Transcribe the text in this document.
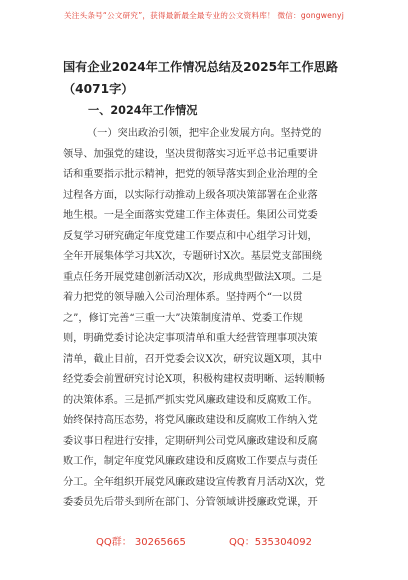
关注头条号“公文研究”，获得最新最全最专业的公文资料库！ 微信：gongwenyj
国有企业2024年工作情况总结及2025年工作思路（4071字）
一、2024年工作情况
（一）突出政治引领，把牢企业发展方向。坚持党的
领导、加强党的建设，坚决贯彻落实习近平总书记重要讲
话和重要指示批示精神，把党的领导落实到企业治理的全
过程各方面，以实际行动推动上级各项决策部署在企业落
地生根。一是全面落实党建工作主体责任。集团公司党委
反复学习研究确定年度党建工作要点和中心组学习计划，
全年开展集体学习共X次，专题研讨X次。基层党支部围绕
重点任务开展党建创新活动X次，形成典型做法X项。二是
着力把党的领导融入公司治理体系。坚持两个“一以贯
之”，修订完善“三重一大”决策制度清单、党委工作规
则，明确党委讨论决定事项清单和重大经营管理事项决策
清单，截止目前，召开党委会议X次，研究议题X项，其中
经党委会前置研究讨论X项，积极构建权责明晰、运转顺畅
的决策体系。三是抓严抓实党风廉政建设和反腐败工作。
始终保持高压态势，将党风廉政建设和反腐败工作纳入党
委议事日程进行安排，定期研判公司党风廉政建设和反腐
败工作，制定年度党风廉政建设和反腐败工作要点与责任
分工。全年组织开展党风廉政建设宣传教育月活动X次，党
委委员先后带头到所在部门、分管领域讲授廉政党课，开
QQ群： 30265665	QQ：535304092
